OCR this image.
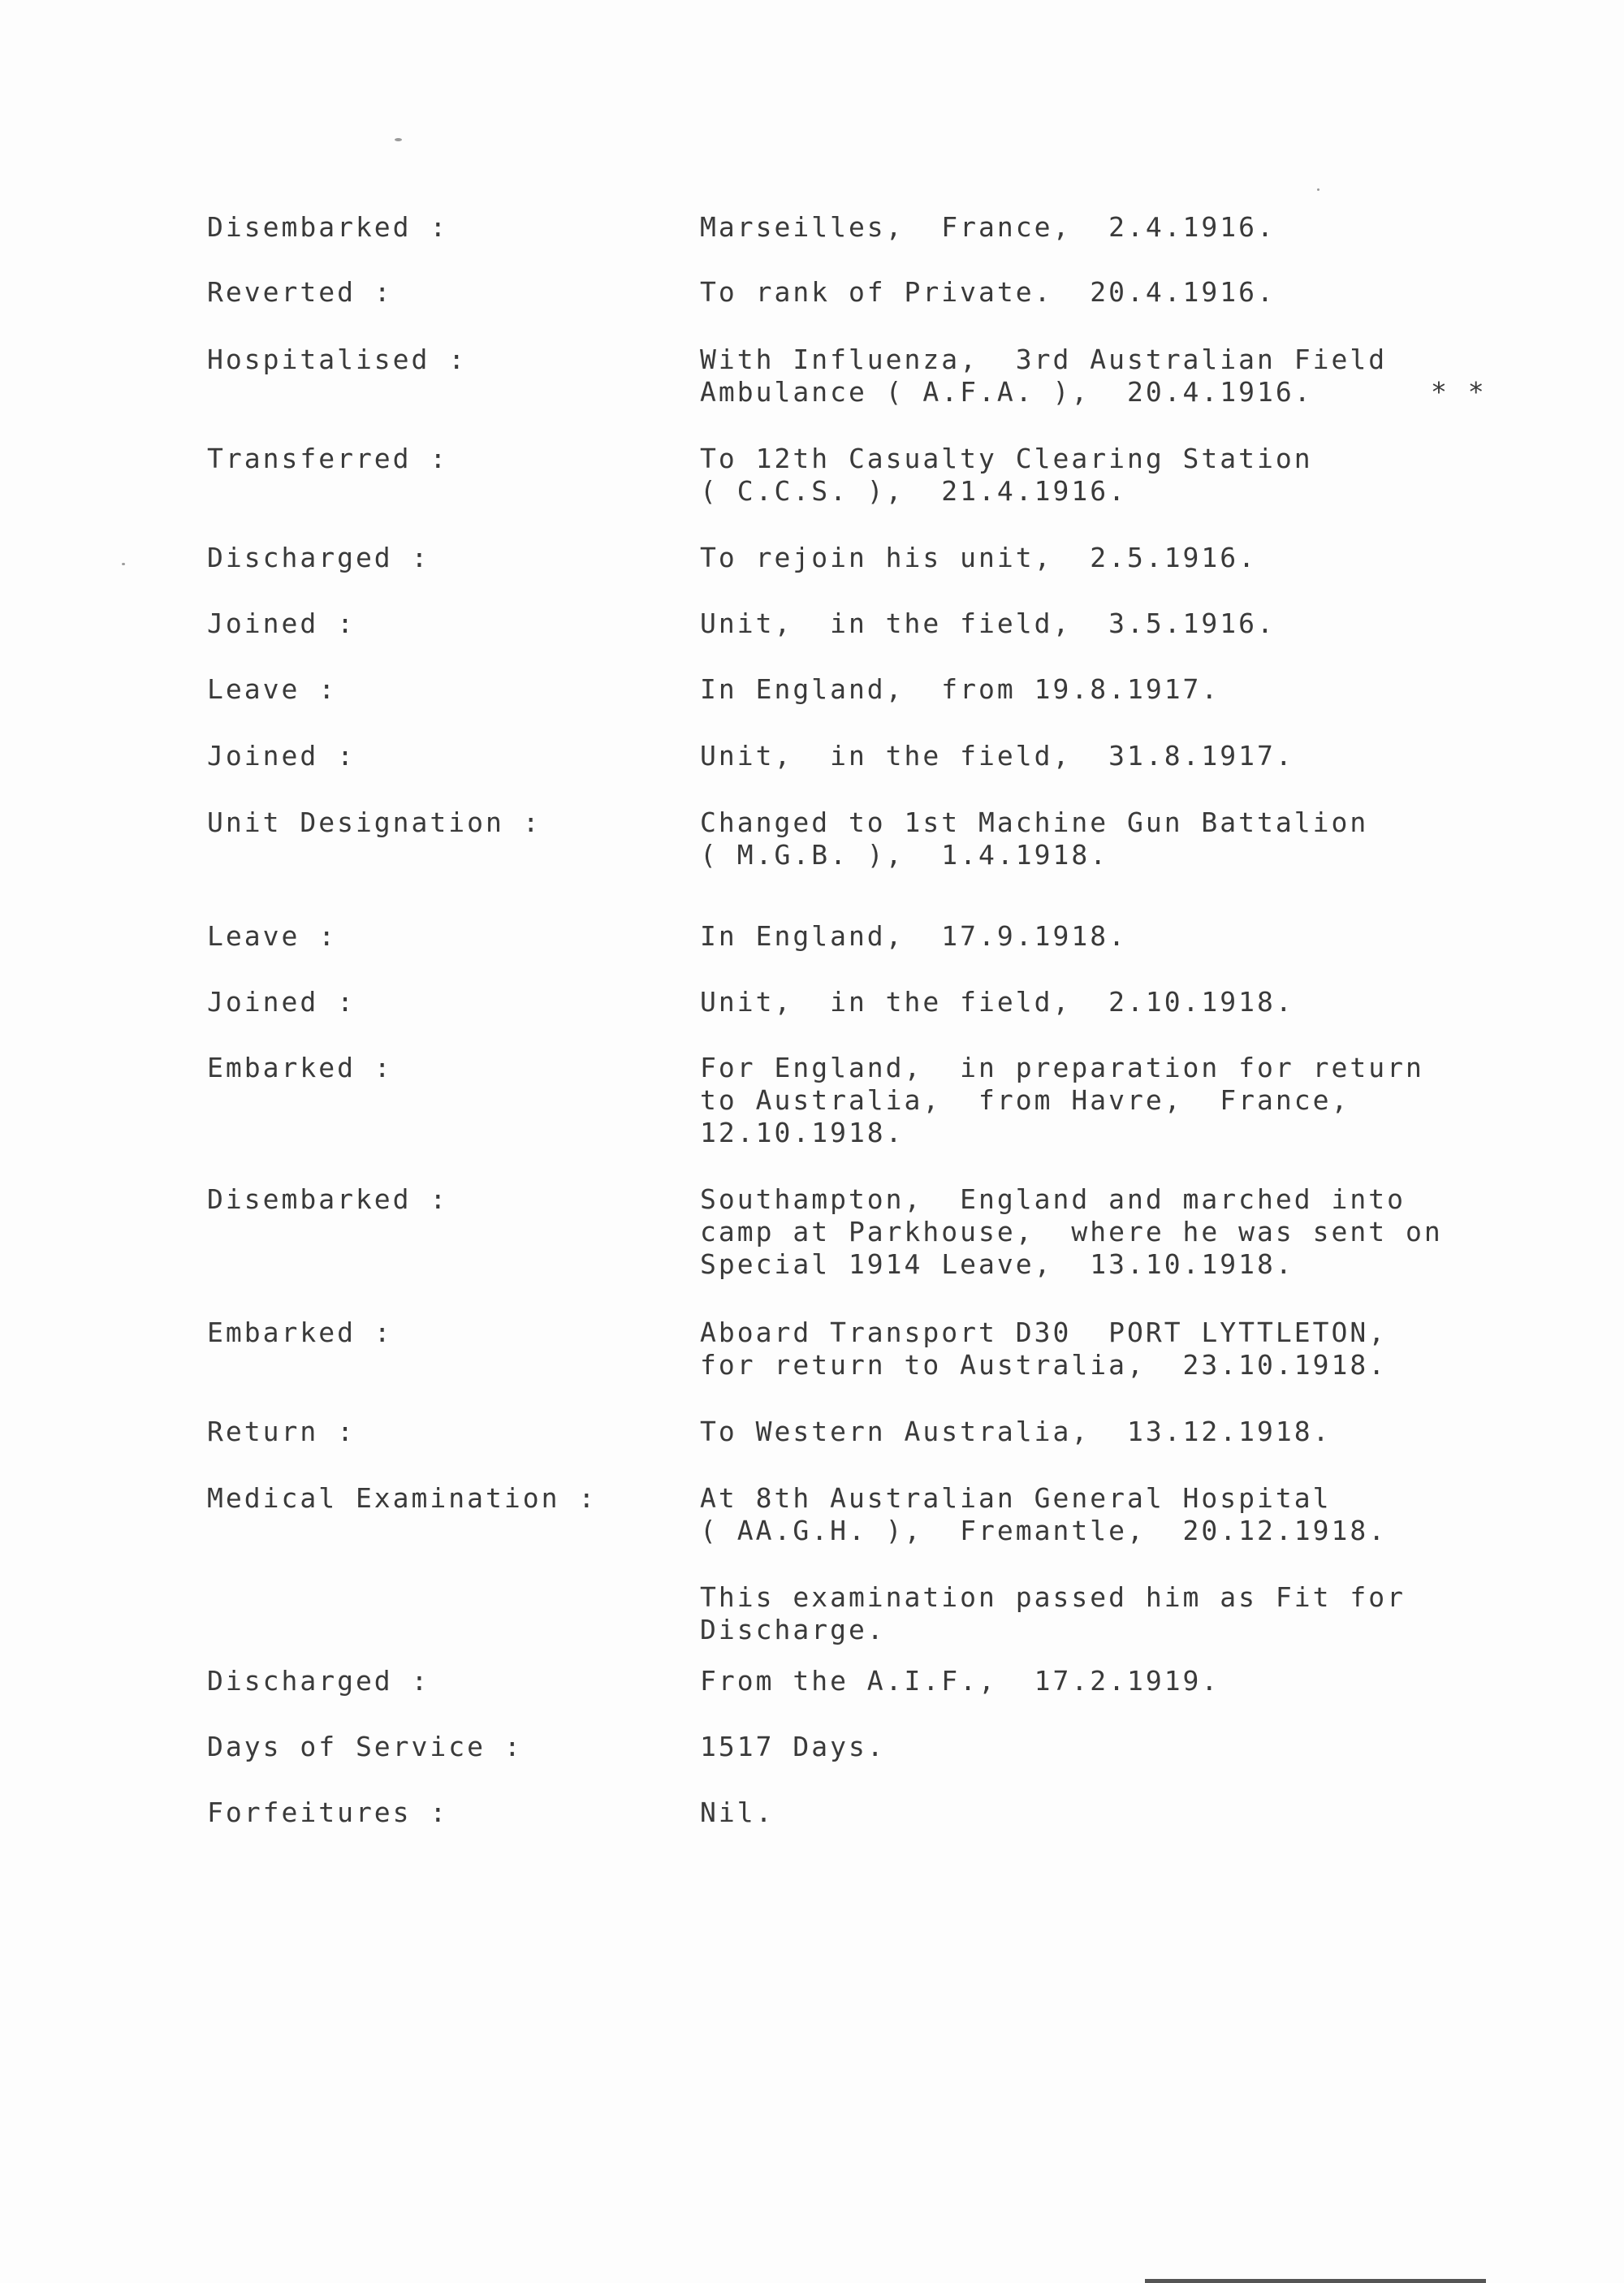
Disembarked :	Marseilles,  France,  2.4.1916.
Reverted :	To rank of Private.  20.4.1916.
Hospitalised :	With Influenza,  3rd Australian Field
Ambulance ( A.F.A. ),  20.4.1916.	* *
Transferred :	To 12th Casualty Clearing Station
( C.C.S. ),  21.4.1916.
Discharged :	To rejoin his unit,  2.5.1916.
Joined :	Unit,  in the field,  3.5.1916.
Leave :	In England,  from 19.8.1917.
Joined :	Unit,  in the field,  31.8.1917.
Unit Designation :	Changed to 1st Machine Gun Battalion
( M.G.B. ),  1.4.1918.
Leave :	In England,  17.9.1918.
Joined :	Unit,  in the field,  2.10.1918.
Embarked :	For England,  in preparation for return
to Australia,  from Havre,  France,
12.10.1918.
Disembarked :	Southampton,  England and marched into
camp at Parkhouse,  where he was sent on
Special 1914 Leave,  13.10.1918.
Embarked :	Aboard Transport D30  PORT LYTTLETON,
for return to Australia,  23.10.1918.
Return :	To Western Australia,  13.12.1918.
Medical Examination :	At 8th Australian General Hospital
( AA.G.H. ),  Fremantle,  20.12.1918.
This examination passed him as Fit for
Discharge.
Discharged :	From the A.I.F.,  17.2.1919.
Days of Service :	1517 Days.
Forfeitures :	Nil.
